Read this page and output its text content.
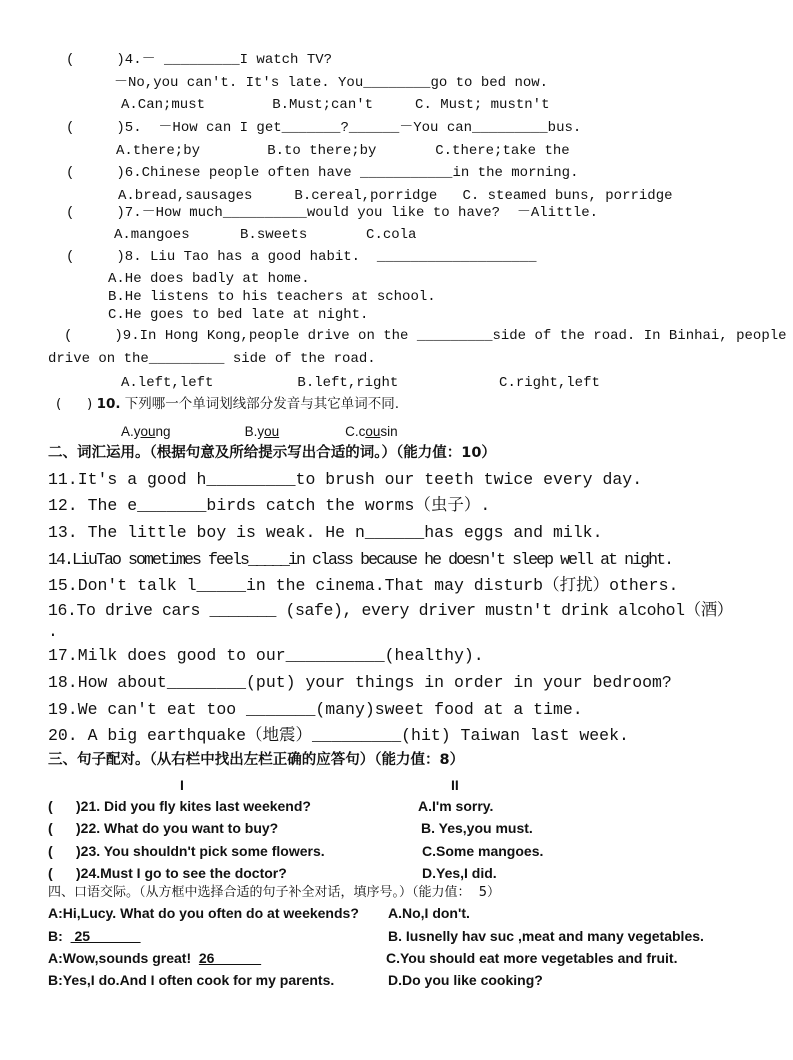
(     )4.－ _________I watch TV?
－No,you can't. It's late. You________go to bed now.
A.Can;must        B.Must;can't     C. Must; mustn't
(     )5.  －How can I get_______?______－You can_________bus.
A.there;by        B.to there;by       C.there;take the
(     )6.Chinese people often have ___________in the morning.
A.bread,sausages     B.cereal,porridge   C. steamed buns, porridge
(     )7.－How much__________would you like to have?  －Alittle.
A.mangoes      B.sweets       C.cola
(     )8. Liu Tao has a good habit.  ___________________
A.He does badly at home.
B.He listens to his teachers at school.
C.He goes to bed late at night.
(     )9.In Hong Kong,people drive on the _________side of the road. In Binhai, people
drive on the_________ side of the road.
A.left,left          B.left,right            C.right,left
(      ) 10. 下列哪一个单词划线部分发音与其它单词不同.
A.young	B.you	C.cousin
二、词汇运用。（根据句意及所给提示写出合适的词。）（能力值：10）
11.It's a good h_________to brush our teeth twice every day.
12. The e_______birds catch the worms（虫子）.
13. The little boy is weak. He n______has eggs and milk.
14.LiuTao sometimes feels_____in class because he doesn't sleep well at night.
15.Don't talk l_____in the cinema.That may disturb（打扰）others.
16.To drive cars _______ (safe), every driver mustn't drink alcohol（酒）
.
17.Milk does good to our__________(healthy).
18.How about________(put) your things in order in your bedroom?
19.We can't eat too _______(many)sweet food at a time.
20. A big earthquake（地震）_________(hit) Taiwan last week.
三、句子配对。（从右栏中找出左栏正确的应答句）（能力值：8）
I	II
(      )21. Did you fly kites last weekend?	A.I'm sorry.
(      )22. What do you want to buy?	B. Yes,you must.
(      )23. You shouldn't pick some flowers.	C.Some mangoes.
(      )24.Must I go to see the doctor?	D.Yes,I did.
四、口语交际。（从方框中选择合适的句子补全对话，填序号。）（能力值：  5）
A:Hi,Lucy. What do you often do at weekends? A.No,I don't.
B:   25	B. Iusnelly hav suc ,meat and many vegetables.
A:Wow,sounds great!  26	C.You should eat more vegetables and fruit.
B:Yes,I do.And I often cook for my parents.	D.Do you like cooking?
